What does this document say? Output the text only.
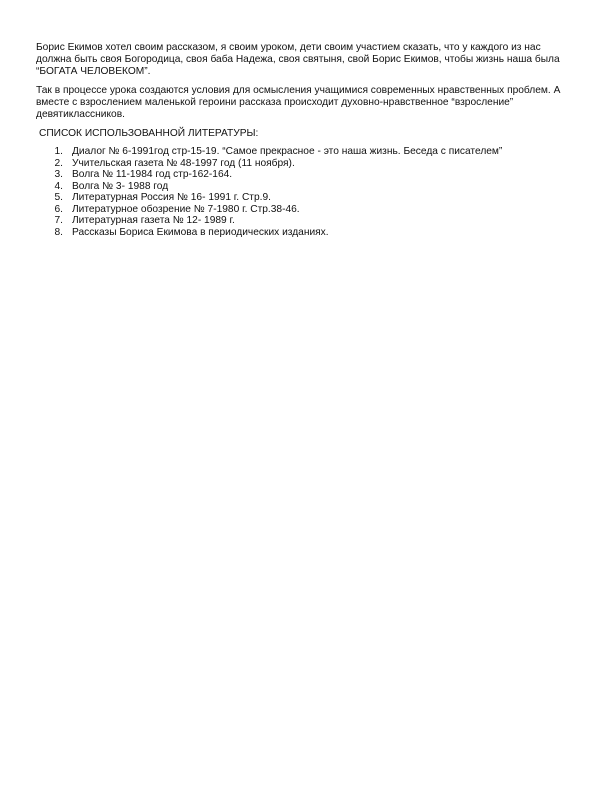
Борис Екимов хотел своим рассказом, я своим уроком, дети своим участием сказать, что у каждого из нас
должна быть своя Богородица, своя баба Надежа, своя святыня, свой Борис Екимов, чтобы жизнь наша была
“БОГАТА ЧЕЛОВЕКОМ”.

Так в процессе урока создаются условия для осмысления учащимися современных нравственных проблем. А
вместе с взрослением маленькой героини рассказа происходит духовно-нравственное “взросление”
девятиклассников.

СПИСОК ИСПОЛЬЗОВАННОЙ ЛИТЕРАТУРЫ:

1. Диалог № 6-1991год стр-15-19. “Самое прекрасное - это наша жизнь. Беседа с писателем”
2. Учительская газета № 48-1997 год (11 ноября).
3. Волга № 11-1984 год стр-162-164.
4. Волга № 3- 1988 год
5. Литературная Россия № 16- 1991 г. Стр.9.
6. Литературное обозрение № 7-1980 г. Стр.38-46.
7. Литературная газета № 12- 1989 г.
8. Рассказы Бориса Екимова в периодических изданиях.
